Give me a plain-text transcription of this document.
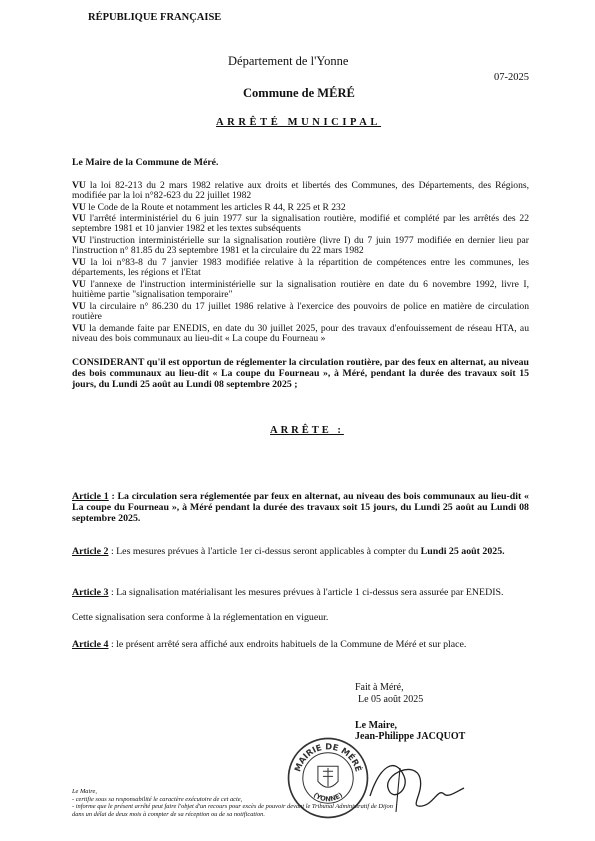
RÉPUBLIQUE FRANÇAISE
Département de l'Yonne
07-2025
Commune de MÉRÉ
ARRÊTÉ MUNICIPAL
Le Maire de la Commune de Méré.
VU la loi 82-213 du 2 mars 1982 relative aux droits et libertés des Communes, des Départements, des Régions, modifiée par la loi n°82-623 du 22 juillet 1982
VU le Code de la Route et notamment les articles R 44, R 225 et R 232
VU l'arrêté interministériel du 6 juin 1977 sur la signalisation routière, modifié et complété par les arrêtés des 22 septembre 1981 et 10 janvier 1982 et les textes subséquents
VU l'instruction interministérielle sur la signalisation routière (livre I) du 7 juin 1977 modifiée en dernier lieu par l'instruction n° 81.85 du 23 septembre 1981 et la circulaire du 22 mars 1982
VU la loi n°83-8 du 7 janvier 1983 modifiée relative à la répartition de compétences entre les communes, les départements, les régions et l'Etat
VU l'annexe de l'instruction interministérielle sur la signalisation routière en date du 6 novembre 1992, livre I, huitième partie "signalisation temporaire"
VU la circulaire n° 86.230 du 17 juillet 1986 relative à l'exercice des pouvoirs de police en matière de circulation routière
VU la demande faite par ENEDIS, en date du 30 juillet 2025, pour des travaux d'enfouissement de réseau HTA, au niveau des bois communaux au lieu-dit « La coupe du Fourneau »
CONSIDERANT qu'il est opportun de réglementer la circulation routière, par des feux en alternat, au niveau des bois communaux au lieu-dit « La coupe du Fourneau », à Méré, pendant la durée des travaux soit 15 jours, du Lundi 25 août au Lundi 08 septembre 2025 ;
ARRÊTE :
Article 1 : La circulation sera réglementée par feux en alternat, au niveau des bois communaux au lieu-dit « La coupe du Fourneau », à Méré pendant la durée des travaux soit 15 jours, du Lundi 25 août au Lundi 08 septembre 2025.
Article 2 : Les mesures prévues à l'article 1er ci-dessus seront applicables à compter du Lundi 25 août 2025.
Article 3 : La signalisation matérialisant les mesures prévues à l'article 1 ci-dessus sera assurée par ENEDIS.
Cette signalisation sera conforme à la réglementation en vigueur.
Article 4 : le présent arrêté sera affiché aux endroits habituels de la Commune de Méré et sur place.
Fait à Méré,
Le 05 août 2025
Le Maire,
Jean-Philippe JACQUOT
MAIRIE DE MÉRÉ
(YONNE)
Le Maire,
- certifie sous sa responsabilité le caractère exécutoire de cet acte,
- informe que le présent arrêté peut faire l'objet d'un recours pour excès de pouvoir devant le Tribunal Administratif de Dijon
dans un délai de deux mois à compter de sa réception ou de sa notification.
